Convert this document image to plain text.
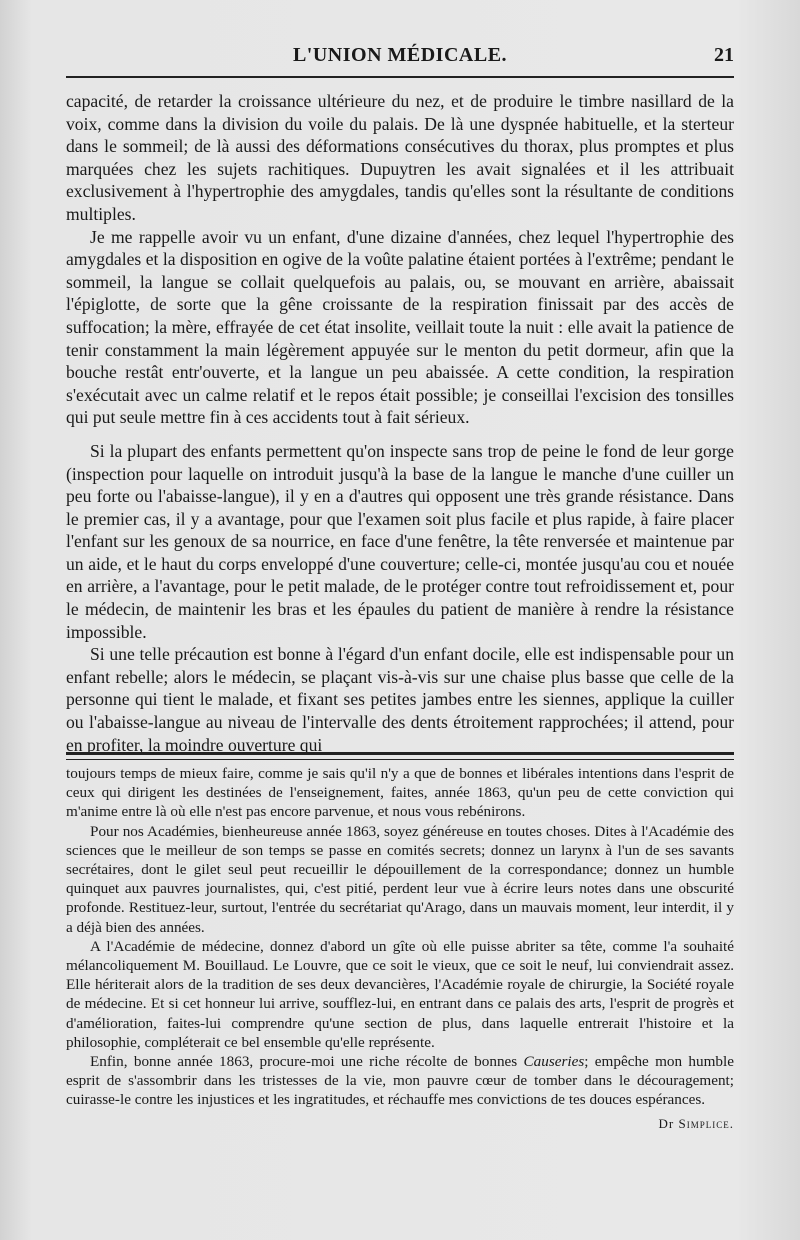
L'UNION MÉDICALE.	21

capacité, de retarder la croissance ultérieure du nez, et de produire le timbre nasillard de la voix, comme dans la division du voile du palais. De là une dyspnée habituelle, et la sterteur dans le sommeil; de là aussi des déformations consécutives du thorax, plus promptes et plus marquées chez les sujets rachitiques. Dupuytren les avait signalées et il les attribuait exclusivement à l'hypertrophie des amygdales, tandis qu'elles sont la résultante de conditions multiples.

Je me rappelle avoir vu un enfant, d'une dizaine d'années, chez lequel l'hypertrophie des amygdales et la disposition en ogive de la voûte palatine étaient portées à l'extrême; pendant le sommeil, la langue se collait quelquefois au palais, ou, se mouvant en arrière, abaissait l'épiglotte, de sorte que la gêne croissante de la respiration finissait par des accès de suffocation; la mère, effrayée de cet état insolite, veillait toute la nuit : elle avait la patience de tenir constamment la main légèrement appuyée sur le menton du petit dormeur, afin que la bouche restât entr'ouverte, et la langue un peu abaissée. A cette condition, la respiration s'exécutait avec un calme relatif et le repos était possible; je conseillai l'excision des tonsilles qui put seule mettre fin à ces accidents tout à fait sérieux.

Si la plupart des enfants permettent qu'on inspecte sans trop de peine le fond de leur gorge (inspection pour laquelle on introduit jusqu'à la base de la langue le manche d'une cuiller un peu forte ou l'abaisse-langue), il y en a d'autres qui opposent une très grande résistance. Dans le premier cas, il y a avantage, pour que l'examen soit plus facile et plus rapide, à faire placer l'enfant sur les genoux de sa nourrice, en face d'une fenêtre, la tête renversée et maintenue par un aide, et le haut du corps enveloppé d'une couverture; celle-ci, montée jusqu'au cou et nouée en arrière, a l'avantage, pour le petit malade, de le protéger contre tout refroidissement et, pour le médecin, de maintenir les bras et les épaules du patient de manière à rendre la résistance impossible.

Si une telle précaution est bonne à l'égard d'un enfant docile, elle est indispensable pour un enfant rebelle; alors le médecin, se plaçant vis-à-vis sur une chaise plus basse que celle de la personne qui tient le malade, et fixant ses petites jambes entre les siennes, applique la cuiller ou l'abaisse-langue au niveau de l'intervalle des dents étroitement rapprochées; il attend, pour en profiter, la moindre ouverture qui

toujours temps de mieux faire, comme je sais qu'il n'y a que de bonnes et libérales intentions dans l'esprit de ceux qui dirigent les destinées de l'enseignement, faites, année 1863, qu'un peu de cette conviction qui m'anime entre là où elle n'est pas encore parvenue, et nous vous rebénirons.

Pour nos Académies, bienheureuse année 1863, soyez généreuse en toutes choses. Dites à l'Académie des sciences que le meilleur de son temps se passe en comités secrets; donnez un larynx à l'un de ses savants secrétaires, dont le gilet seul peut recueillir le dépouillement de la correspondance; donnez un humble quinquet aux pauvres journalistes, qui, c'est pitié, perdent leur vue à écrire leurs notes dans une obscurité profonde. Restituez-leur, surtout, l'entrée du secrétariat qu'Arago, dans un mauvais moment, leur interdit, il y a déjà bien des années.

A l'Académie de médecine, donnez d'abord un gîte où elle puisse abriter sa tête, comme l'a souhaité mélancoliquement M. Bouillaud. Le Louvre, que ce soit le vieux, que ce soit le neuf, lui conviendrait assez. Elle hériterait alors de la tradition de ses deux devancières, l'Académie royale de chirurgie, la Société royale de médecine. Et si cet honneur lui arrive, soufflez-lui, en entrant dans ce palais des arts, l'esprit de progrès et d'amélioration, faites-lui comprendre qu'une section de plus, dans laquelle entrerait l'histoire et la philosophie, compléterait ce bel ensemble qu'elle représente.

Enfin, bonne année 1863, procure-moi une riche récolte de bonnes Causeries; empêche mon humble esprit de s'assombrir dans les tristesses de la vie, mon pauvre cœur de tomber dans le découragement; cuirasse-le contre les injustices et les ingratitudes, et réchauffe mes convictions de tes douces espérances.

Dr Simplice.
